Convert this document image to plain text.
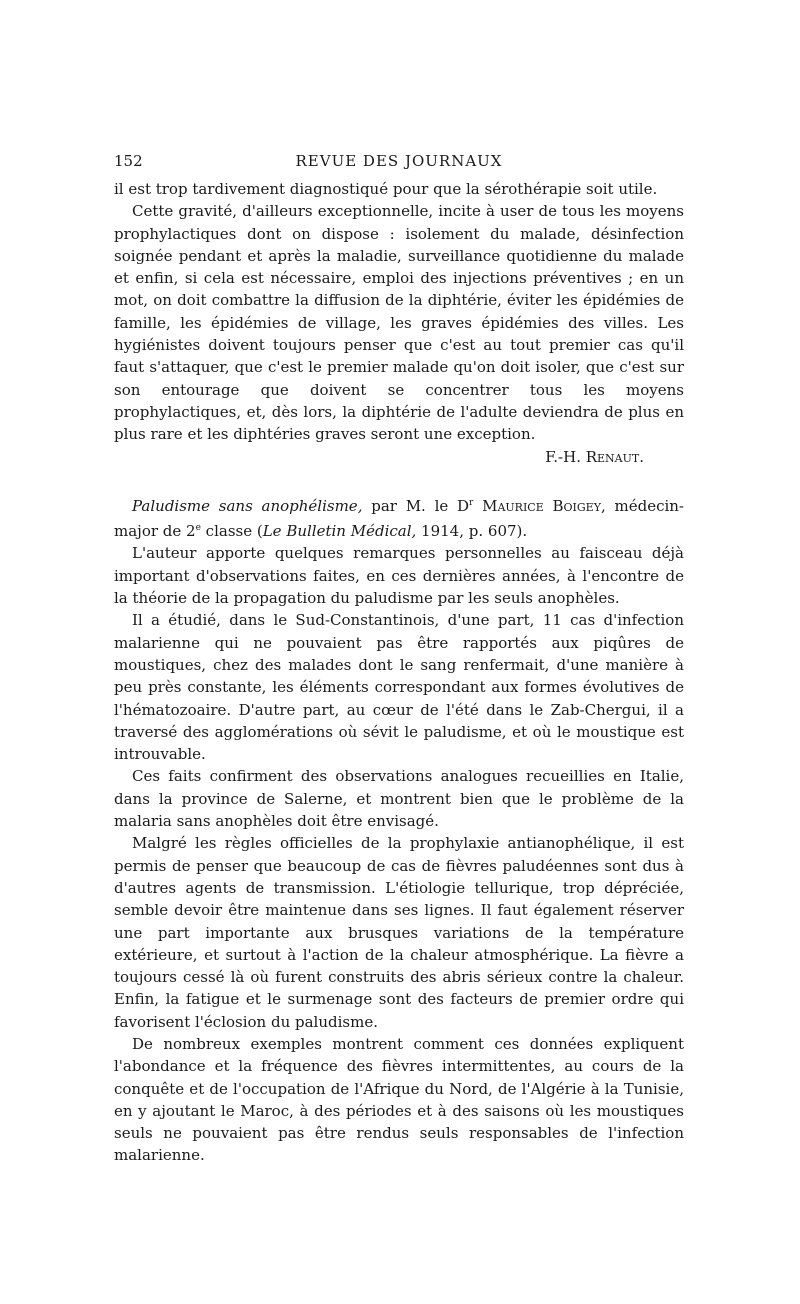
152	REVUE DES JOURNAUX

il est trop tardivement diagnostiqué pour que la sérothérapie soit utile.

Cette gravité, d'ailleurs exceptionnelle, incite à user de tous les moyens prophylactiques dont on dispose : isolement du malade, désinfection soignée pendant et après la maladie, surveillance quotidienne du malade et enfin, si cela est nécessaire, emploi des injections préventives ; en un mot, on doit combattre la diffusion de la diphtérie, éviter les épidémies de famille, les épidémies de village, les graves épidémies des villes. Les hygiénistes doivent toujours penser que c'est au tout premier cas qu'il faut s'attaquer, que c'est le premier malade qu'on doit isoler, que c'est sur son entourage que doivent se concentrer tous les moyens prophylactiques, et, dès lors, la diphtérie de l'adulte deviendra de plus en plus rare et les diphtéries graves seront une exception.

F.-H. Renaut.

Paludisme sans anophélisme, par M. le $D^r$ Maurice Boigey, médecin-major de 2e classe (Le Bulletin Médical, 1914, p. 607).

L'auteur apporte quelques remarques personnelles au faisceau déjà important d'observations faites, en ces dernières années, à l'encontre de la théorie de la propagation du paludisme par les seuls anophèles.

Il a étudié, dans le Sud-Constantinois, d'une part, 11 cas d'infection malarienne qui ne pouvaient pas être rapportés aux piqûres de moustiques, chez des malades dont le sang renfermait, d'une manière à peu près constante, les éléments correspondant aux formes évolutives de l'hématozoaire. D'autre part, au cœur de l'été dans le Zab-Chergui, il a traversé des agglomérations où sévit le paludisme, et où le moustique est introuvable.

Ces faits confirment des observations analogues recueillies en Italie, dans la province de Salerne, et montrent bien que le problème de la malaria sans anophèles doit être envisagé.

Malgré les règles officielles de la prophylaxie antianophélique, il est permis de penser que beaucoup de cas de fièvres paludéennes sont dus à d'autres agents de transmission. L'étiologie tellurique, trop dépréciée, semble devoir être maintenue dans ses lignes. Il faut également réserver une part importante aux brusques variations de la température extérieure, et surtout à l'action de la chaleur atmosphérique. La fièvre a toujours cessé là où furent construits des abris sérieux contre la chaleur. Enfin, la fatigue et le surmenage sont des facteurs de premier ordre qui favorisent l'éclosion du paludisme.

De nombreux exemples montrent comment ces données expliquent l'abondance et la fréquence des fièvres intermittentes, au cours de la conquête et de l'occupation de l'Afrique du Nord, de l'Algérie à la Tunisie, en y ajoutant le Maroc, à des périodes et à des saisons où les moustiques seuls ne pouvaient pas être rendus seuls responsables de l'infection malarienne.
